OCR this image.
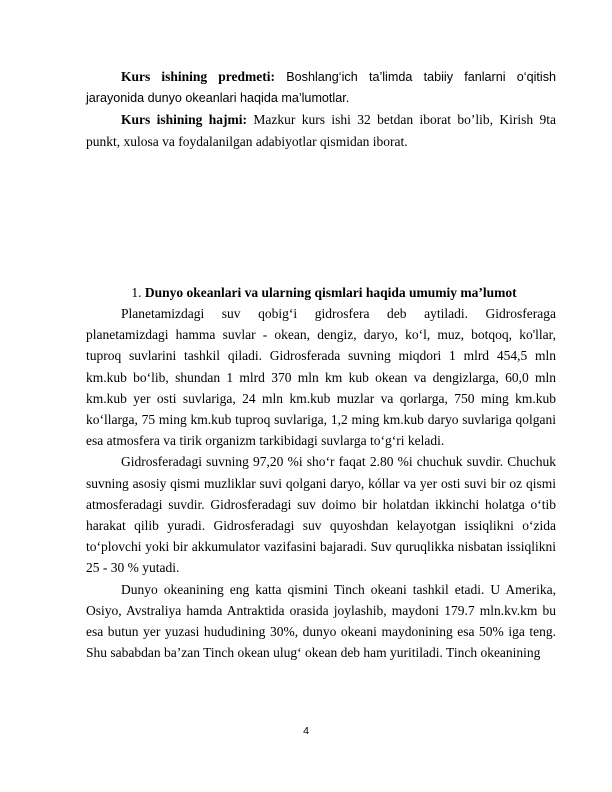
Kurs ishining predmeti: Boshlang‘ich ta’limda tabiiy fanlarni o‘qitish jarayonida dunyo okeanlari haqida ma’lumotlar.

Kurs ishining hajmi: Mazkur kurs ishi 32 betdan iborat bo’lib, Kirish 9ta punkt, xulosa va foydalanilgan adabiyotlar qismidan iborat.

1. Dunyo okeanlari va ularning qismlari haqida umumiy ma’lumot

Planetamizdagi suv qobig‘i gidrosfera deb aytiladi. Gidrosferaga planetamizdagi hamma suvlar - okean, dengiz, daryo, ko‘l, muz, botqoq, ko'llar, tuproq suvlarini tashkil qiladi. Gidrosferada suvning miqdori 1 mlrd 454,5 mln km.kub bo‘lib, shundan 1 mlrd 370 mln km kub okean va dengizlarga, 60,0 mln km.kub yer osti suvlariga, 24 mln km.kub muzlar va qorlarga, 750 ming km.kub ko‘llarga, 75 ming km.kub tuproq suvlariga, 1,2 ming km.kub daryo suvlariga qolgani esa atmosfera va tirik organizm tarkibidagi suvlarga to‘g‘ri keladi.

Gidrosferadagi suvning 97,20 %i sho‘r faqat 2.80 %i chuchuk suvdir. Chuchuk suvning asosiy qismi muzliklar suvi qolgani daryo, kóllar va yer osti suvi bir oz qismi atmosferadagi suvdir. Gidrosferadagi suv doimo bir holatdan ikkinchi holatga o‘tib harakat qilib yuradi. Gidrosferadagi suv quyoshdan kelayotgan issiqlikni o‘zida to‘plovchi yoki bir akkumulator vazifasini bajaradi. Suv quruqlikka nisbatan issiqlikni 25 - 30 % yutadi.

Dunyo okeanining eng katta qismini Tinch okeani tashkil etadi. U Amerika, Osiyo, Avstraliya hamda Antraktida orasida joylashib, maydoni 179.7 mln.kv.km bu esa butun yer yuzasi hududining 30%, dunyo okeani maydonining esa 50% iga teng. Shu sababdan ba’zan Tinch okean ulug‘ okean deb ham yuritiladi. Tinch okeanining

4
